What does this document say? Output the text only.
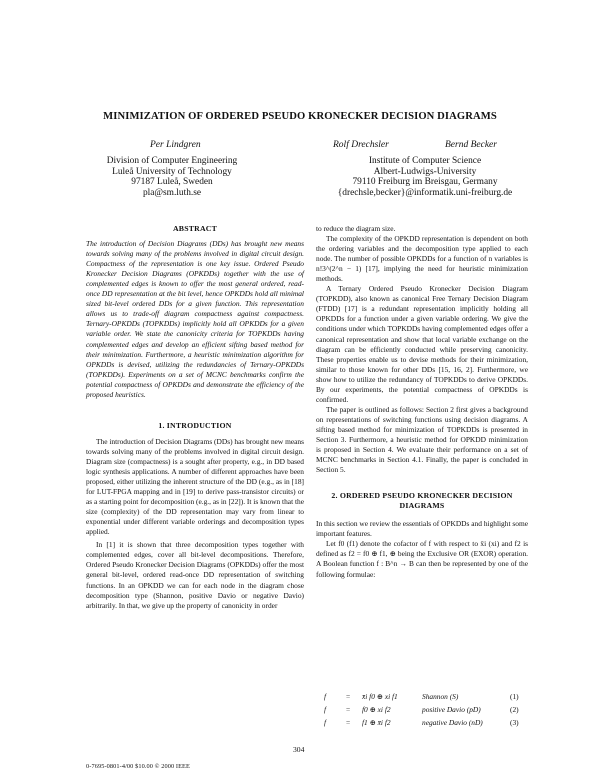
MINIMIZATION OF ORDERED PSEUDO KRONECKER DECISION DIAGRAMS
Per Lindgren	Rolf Drechsler	Bernd Becker
Division of Computer Engineering
Luleå University of Technology
97187 Luleå, Sweden
pla@sm.luth.se
Institute of Computer Science
Albert-Ludwigs-University
79110 Freiburg im Breisgau, Germany
{drechsle,becker}@informatik.uni-freiburg.de
ABSTRACT

The introduction of Decision Diagrams (DDs) has brought new means towards solving many of the problems involved in digital circuit design. Compactness of the representation is one key issue. Ordered Pseudo Kronecker Decision Diagrams (OPKDDs) together with the use of complemented edges is known to offer the most general ordered, read-once DD representation at the bit level, hence OPKDDs hold all minimal sized bit-level ordered DDs for a given function. This representation allows us to trade-off diagram compactness against compactness. Ternary-OPKDDs (TOPKDDs) implicitly hold all OPKDDs for a given variable order. We state the canonicity criteria for TOPKDDs having complemented edges and develop an efficient sifting based method for their minimization. Furthermore, a heuristic minimization algorithm for OPKDDs is devised, utilizing the redundancies of Ternary-OPKDDs (TOPKDDs). Experiments on a set of MCNC benchmarks confirm the potential compactness of OPKDDs and demonstrate the efficiency of the proposed heuristics.

1. INTRODUCTION

The introduction of Decision Diagrams (DDs) has brought new means towards solving many of the problems involved in digital circuit design. Diagram size (compactness) is a sought after property, e.g., in DD based logic synthesis applications. A number of different approaches have been proposed, either utilizing the inherent structure of the DD (e.g., as in [18] for LUT-FPGA mapping and in [19] to derive pass-transistor circuits) or as a starting point for decomposition (e.g., as in [22]). It is known that the size (complexity) of the DD representation may vary from linear to exponential under different variable orderings and decomposition types applied.

In [1] it is shown that three decomposition types together with complemented edges, cover all bit-level decompositions. Therefore, Ordered Pseudo Kronecker Decision Diagrams (OPKDDs) offer the most general bit-level, ordered read-once DD representation of switching functions. In an OPKDD we can for each node in the diagram chose decomposition type (Shannon, positive Davio or negative Davio) arbitrarily. In that, we give up the property of canonicity in order

to reduce the diagram size.

The complexity of the OPKDD representation is dependent on both the ordering variables and the decomposition type applied to each node. The number of possible OPKDDs for a function of n variables is n!3^(2^n − 1) [17], implying the need for heuristic minimization methods.

A Ternary Ordered Pseudo Kronecker Decision Diagram (TOPKDD), also known as canonical Free Ternary Decision Diagram (FTDD) [17] is a redundant representation implicitly holding all OPKDDs for a function under a given variable ordering. We give the conditions under which TOPKDDs having complemented edges offer a canonical representation and show that local variable exchange on the diagram can be efficiently conducted while preserving canonicity. These properties enable us to devise methods for their minimization, similar to those known for other DDs [15, 16, 2]. Furthermore, we show how to utilize the redundancy of TOPKDDs to derive OPKDDs. By our experiments, the potential compactness of OPKDDs is confirmed.

The paper is outlined as follows: Section 2 first gives a background on representations of switching functions using decision diagrams. A sifting based method for minimization of TOPKDDs is presented in Section 3. Furthermore, a heuristic method for OPKDD minimization is proposed in Section 4. We evaluate their performance on a set of MCNC benchmarks in Section 4.1. Finally, the paper is concluded in Section 5.

2. ORDERED PSEUDO KRONECKER DECISION DIAGRAMS

In this section we review the essentials of OPKDDs and highlight some important features.

Let f0 (f1) denote the cofactor of f with respect to x̄i (xi) and f2 is defined as f2 = f0 ⊕ f1, ⊕ being the Exclusive OR (EXOR) operation. A Boolean function f : B^n → B can then be represented by one of the following formulae:

f	= x̄i f0 ⊕ xi f1	Shannon (S)	(1)
f	= f0 ⊕ xi f2	positive Davio (pD)	(2)
f	= f1 ⊕ x̄i f2	negative Davio (nD)	(3)
304
0-7695-0801-4/00 $10.00 © 2000 IEEE
